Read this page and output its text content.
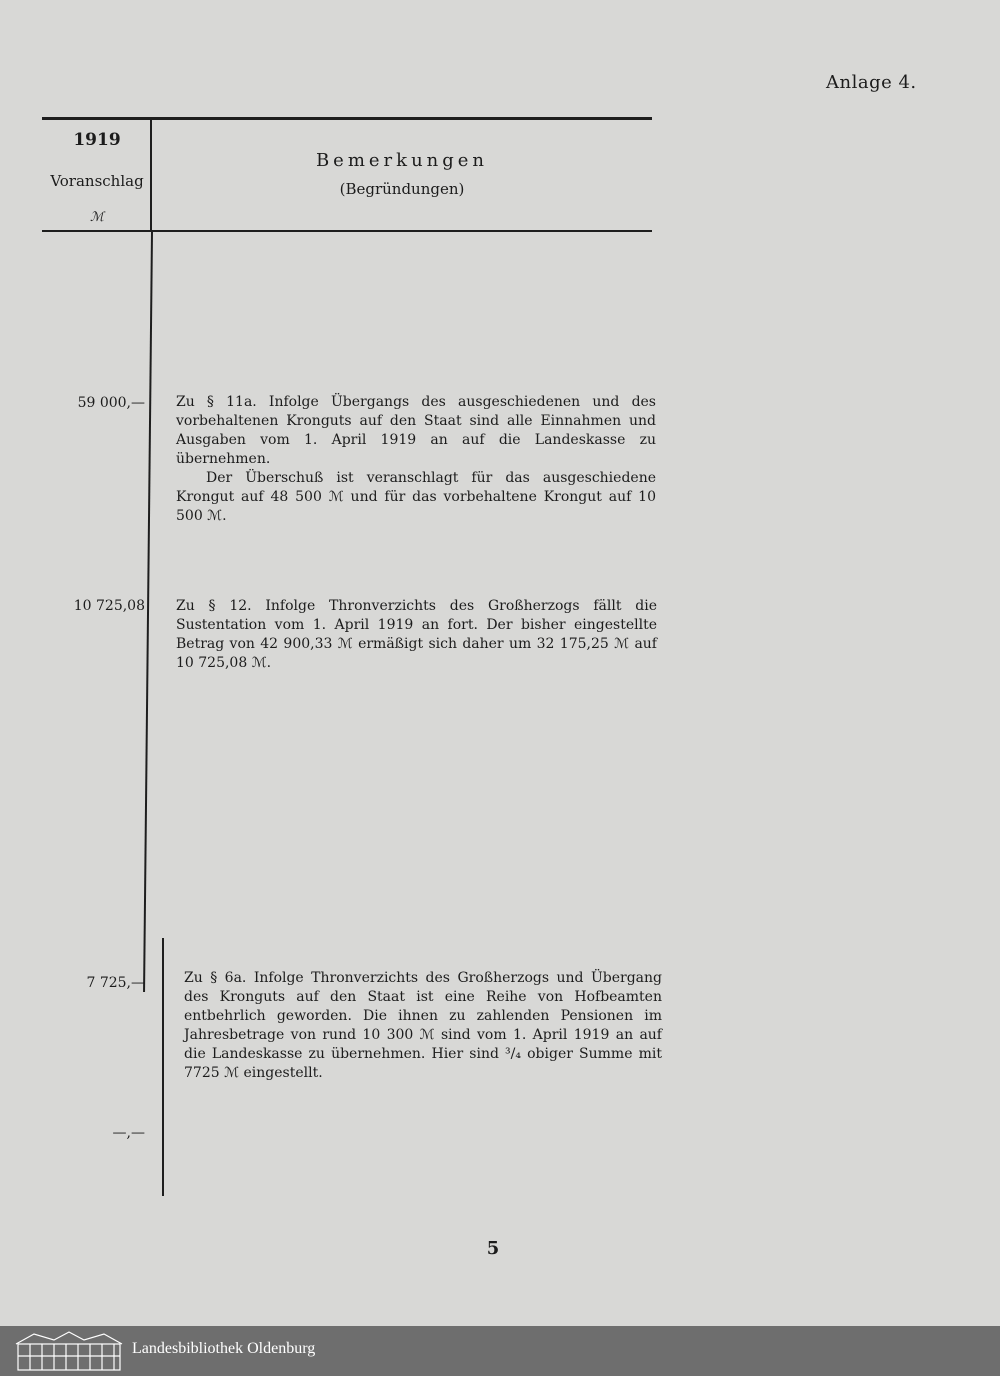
Anlage 4.
1919
Voranschlag
ℳ
Bemerkungen
(Begründungen)
59 000,— Zu § 11a. Infolge Übergangs des ausgeschiedenen und des vorbehaltenen Kronguts auf den Staat sind alle Einnahmen und Ausgaben vom 1. April 1919 an auf die Landeskasse zu übernehmen.

Der Überschuß ist veranschlagt für das ausgeschiedene Krongut auf 48 500 ℳ und für das vorbehaltene Krongut auf 10 500 ℳ.

10 725,08 Zu § 12. Infolge Thronverzichts des Großherzogs fällt die Sustentation vom 1. April 1919 an fort. Der bisher eingestellte Betrag von 42 900,33 ℳ ermäßigt sich daher um 32 175,25 ℳ auf 10 725,08 ℳ.

7 725,—	Zu § 6a. Infolge Thronverzichts des Großherzogs und Übergang des Kronguts auf den Staat ist eine Reihe von Hofbeamten entbehrlich geworden. Die ihnen zu zahlenden Pensionen im Jahresbetrage von rund 10 300 ℳ sind vom 1. April 1919 an auf die Landeskasse zu übernehmen. Hier sind ³/₄ obiger Summe mit 7725 ℳ eingestellt.

—,—
5
Landesbibliothek Oldenburg
